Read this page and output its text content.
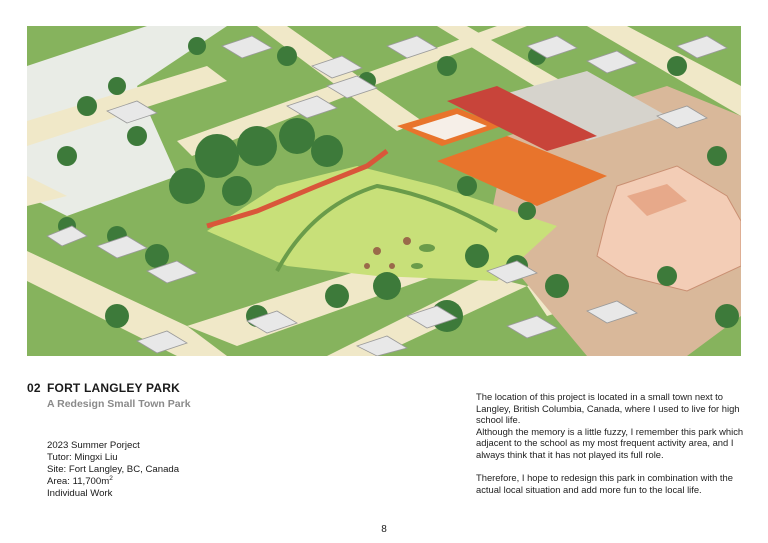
02 FORT LANGLEY PARK
A Redesign Small Town Park
2023 Summer Porject
Tutor: Mingxi Liu
Site: Fort Langley, BC, Canada
Area: $11,700m^2$
Individual Work

The location of this project is located in a small town next to Langley, British Columbia, Canada, where I used to live for high school life.

Although the memory is a little fuzzy, I remember this park which adjacent to the school as my most frequent activity area, and I always think that it has not played its full role.

Therefore, I hope to redesign this park in combination with the actual local situation and add more fun to the local life.

8
